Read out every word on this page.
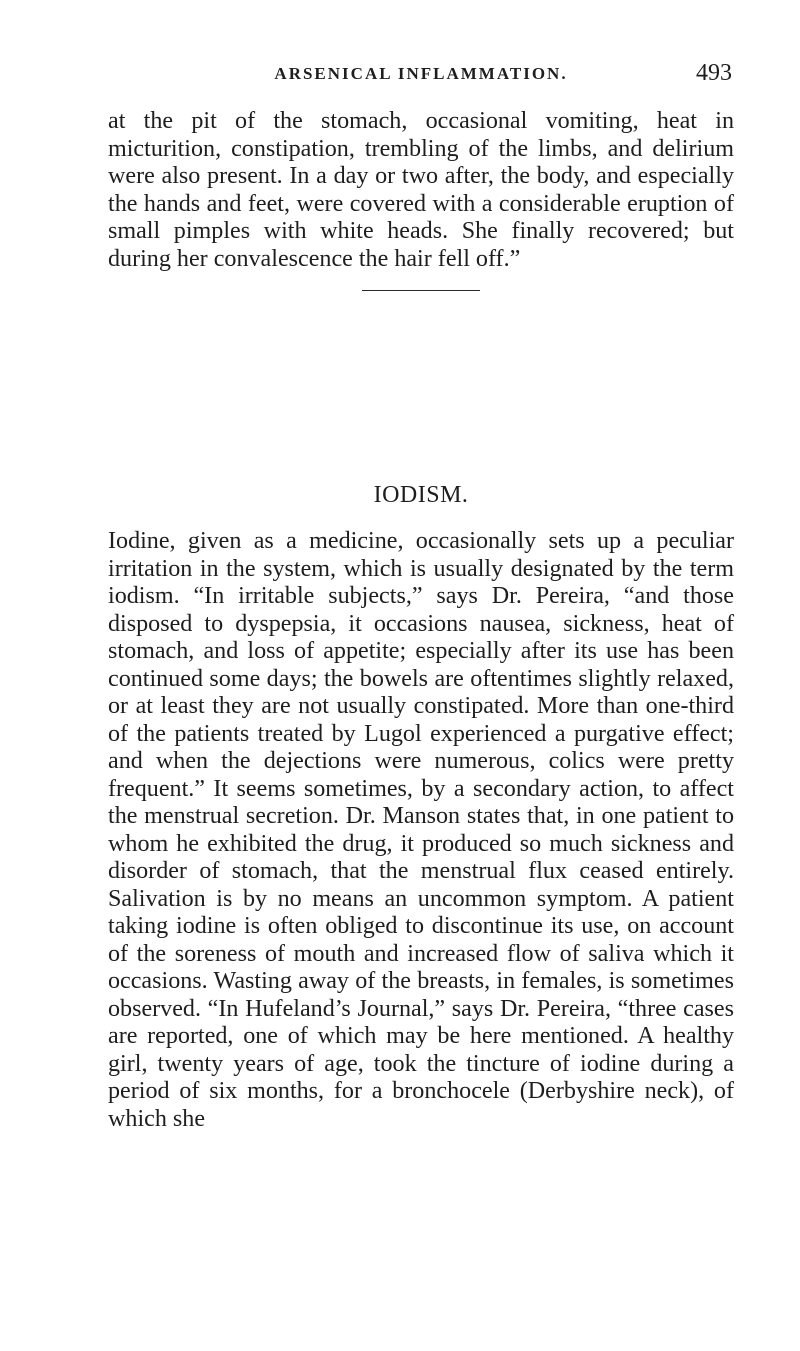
ARSENICAL INFLAMMATION.	493

at the pit of the stomach, occasional vomiting, heat in micturition, constipation, trembling of the limbs, and delirium were also present. In a day or two after, the body, and especially the hands and feet, were covered with a considerable eruption of small pimples with white heads. She finally recovered; but during her convalescence the hair fell off.”

IODISM.

Iodine, given as a medicine, occasionally sets up a peculiar irritation in the system, which is usually designated by the term iodism. “In irritable subjects,” says Dr. Pereira, “and those disposed to dyspepsia, it occasions nausea, sickness, heat of stomach, and loss of appetite; especially after its use has been continued some days; the bowels are oftentimes slightly relaxed, or at least they are not usually constipated. More than one-third of the patients treated by Lugol experienced a purgative effect; and when the dejections were numerous, colics were pretty frequent.” It seems sometimes, by a secondary action, to affect the menstrual secretion. Dr. Manson states that, in one patient to whom he exhibited the drug, it produced so much sickness and disorder of stomach, that the menstrual flux ceased entirely. Salivation is by no means an uncommon symptom. A patient taking iodine is often obliged to discontinue its use, on account of the soreness of mouth and increased flow of saliva which it occasions. Wasting away of the breasts, in females, is sometimes observed. “In Hufeland’s Journal,” says Dr. Pereira, “three cases are reported, one of which may be here mentioned. A healthy girl, twenty years of age, took the tincture of iodine during a period of six months, for a bronchocele (Derbyshire neck), of which she
